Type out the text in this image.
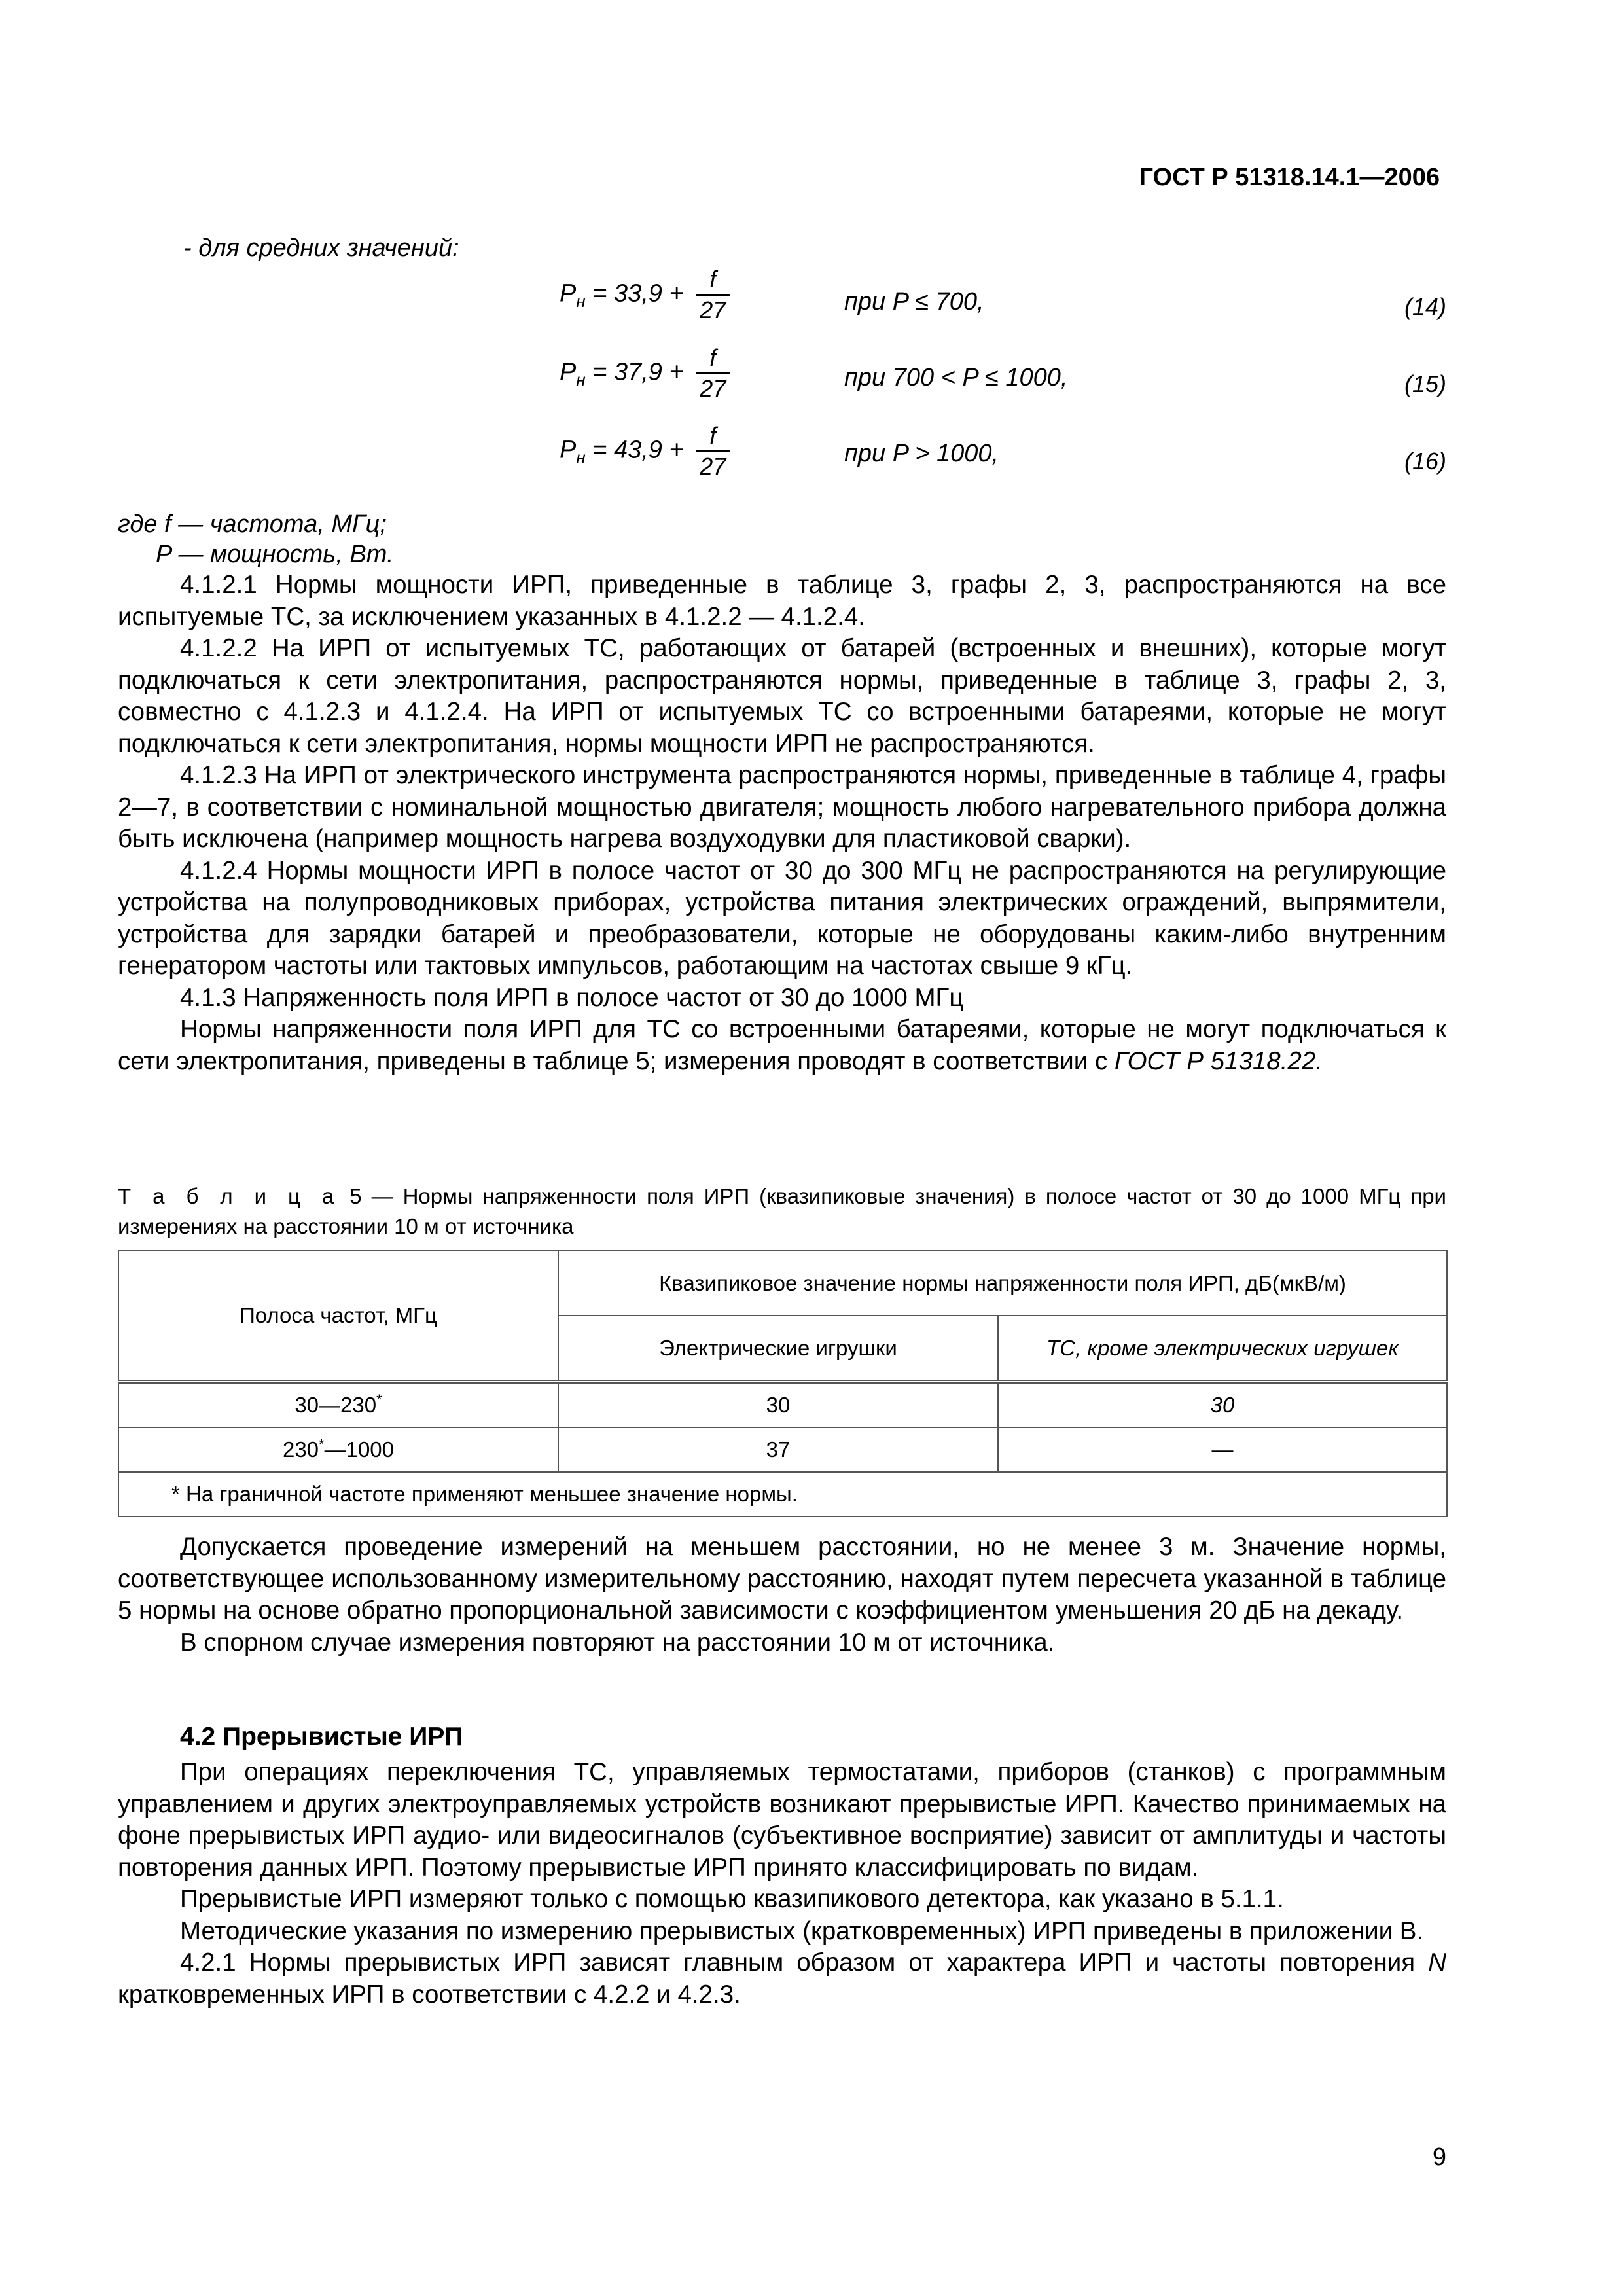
ГОСТ Р 51318.14.1—2006
- для средних значений:
$P_н = 33,9 + \frac{f}{27}$	при P ≤ 700,	(14)
$P_н = 37,9 + \frac{f}{27}$	при 700 < P ≤ 1000,	(15)
$P_н = 43,9 + \frac{f}{27}$	при P > 1000,	(16)
где f — частота, МГц;
P — мощность, Вт.
4.1.2.1 Нормы мощности ИРП, приведенные в таблице 3, графы 2, 3, распространяются на все испытуемые ТС, за исключением указанных в 4.1.2.2 — 4.1.2.4.
4.1.2.2 На ИРП от испытуемых ТС, работающих от батарей (встроенных и внешних), которые могут подключаться к сети электропитания, распространяются нормы, приведенные в таблице 3, графы 2, 3, совместно с 4.1.2.3 и 4.1.2.4. На ИРП от испытуемых ТС со встроенными батареями, которые не могут подключаться к сети электропитания, нормы мощности ИРП не распространяются.
4.1.2.3 На ИРП от электрического инструмента распространяются нормы, приведенные в таблице 4, графы 2—7, в соответствии с номинальной мощностью двигателя; мощность любого нагревательного прибора должна быть исключена (например мощность нагрева воздуходувки для пластиковой сварки).
4.1.2.4 Нормы мощности ИРП в полосе частот от 30 до 300 МГц не распространяются на регулирующие устройства на полупроводниковых приборах, устройства питания электрических ограждений, выпрямители, устройства для зарядки батарей и преобразователи, которые не оборудованы каким-либо внутренним генератором частоты или тактовых импульсов, работающим на частотах свыше 9 кГц.
4.1.3 Напряженность поля ИРП в полосе частот от 30 до 1000 МГц
Нормы напряженности поля ИРП для ТС со встроенными батареями, которые не могут подключаться к сети электропитания, приведены в таблице 5; измерения проводят в соответствии с ГОСТ Р 51318.22.
Т а б л и ц а 5 — Нормы напряженности поля ИРП (квазипиковые значения) в полосе частот от 30 до 1000 МГц при измерениях на расстоянии 10 м от источника
Полоса частот, МГц	Квазипиковое значение нормы напряженности поля ИРП, дБ(мкВ/м)	
	Электрические игрушки	ТС, кроме электрических игрушек
30—230*	30	30
230*—1000	37	—
* На граничной частоте применяют меньшее значение нормы.		
Допускается проведение измерений на меньшем расстоянии, но не менее 3 м. Значение нормы, соответствующее использованному измерительному расстоянию, находят путем пересчета указанной в таблице 5 нормы на основе обратно пропорциональной зависимости с коэффициентом уменьшения 20 дБ на декаду.
В спорном случае измерения повторяют на расстоянии 10 м от источника.
4.2 Прерывистые ИРП
При операциях переключения ТС, управляемых термостатами, приборов (станков) с программным управлением и других электроуправляемых устройств возникают прерывистые ИРП. Качество принимаемых на фоне прерывистых ИРП аудио- или видеосигналов (субъективное восприятие) зависит от амплитуды и частоты повторения данных ИРП. Поэтому прерывистые ИРП принято классифицировать по видам.
Прерывистые ИРП измеряют только с помощью квазипикового детектора, как указано в 5.1.1.
Методические указания по измерению прерывистых (кратковременных) ИРП приведены в приложении В.
4.2.1 Нормы прерывистых ИРП зависят главным образом от характера ИРП и частоты повторения N кратковременных ИРП в соответствии с 4.2.2 и 4.2.3.
9
